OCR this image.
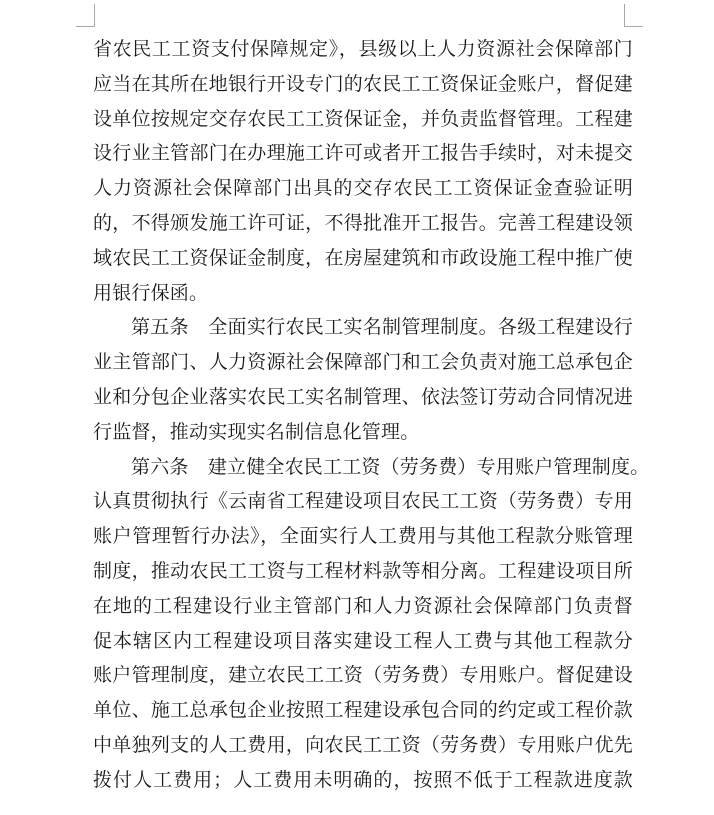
省农民工工资支付保障规定》，县级以上人力资源社会保障部门
应当在其所在地银行开设专门的农民工工资保证金账户，督促建
设单位按规定交存农民工工资保证金，并负责监督管理。工程建
设行业主管部门在办理施工许可或者开工报告手续时，对未提交
人力资源社会保障部门出具的交存农民工工资保证金查验证明
的，不得颁发施工许可证，不得批准开工报告。完善工程建设领
域农民工工资保证金制度，在房屋建筑和市政设施工程中推广使
用银行保函。
第五条　全面实行农民工实名制管理制度。各级工程建设行
业主管部门、人力资源社会保障部门和工会负责对施工总承包企
业和分包企业落实农民工实名制管理、依法签订劳动合同情况进
行监督，推动实现实名制信息化管理。
第六条　建立健全农民工工资（劳务费）专用账户管理制度。
认真贯彻执行《云南省工程建设项目农民工工资（劳务费）专用
账户管理暂行办法》，全面实行人工费用与其他工程款分账管理
制度，推动农民工工资与工程材料款等相分离。工程建设项目所
在地的工程建设行业主管部门和人力资源社会保障部门负责督
促本辖区内工程建设项目落实建设工程人工费与其他工程款分
账户管理制度，建立农民工工资（劳务费）专用账户。督促建设
单位、施工总承包企业按照工程建设承包合同的约定或工程价款
中单独列支的人工费用，向农民工工资（劳务费）专用账户优先
拨付人工费用；人工费用未明确的，按照不低于工程款进度款
